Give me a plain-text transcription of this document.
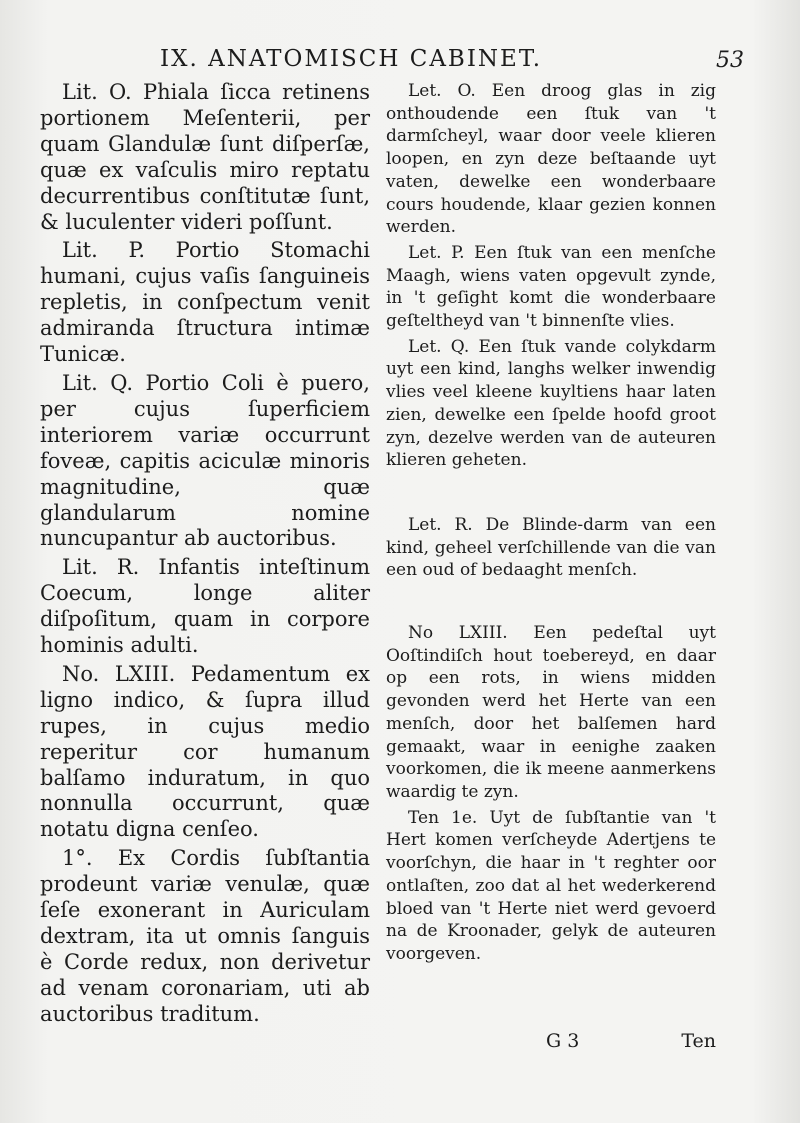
IX. ANATOMISCH CABINET.	53

Lit. O. Phiala ſicca retinens portionem Meſenterii, per quam Glandulæ ſunt diſperſæ, quæ ex vaſculis miro reptatu decurrentibus conſtitutæ ſunt, & luculenter videri poſſunt.

Lit. P. Portio Stomachi humani, cujus vaſis ſanguineis repletis, in conſpectum venit admiranda ſtructura intimæ Tunicæ.

Lit. Q. Portio Coli è puero, per cujus ſuperficiem interiorem variæ occurrunt foveæ, capitis aciculæ minoris magnitudine, quæ glandularum nomine nuncupantur ab auctoribus.

Lit. R. Infantis inteſtinum Coecum, longe aliter diſpoſitum, quam in corpore hominis adulti.

No. LXIII. Pedamentum ex ligno indico, & ſupra illud rupes, in cujus medio reperitur cor humanum balſamo induratum, in quo nonnulla occurrunt, quæ notatu digna cenſeo.

1°. Ex Cordis ſubſtantia prodeunt variæ venulæ, quæ ſeſe exonerant in Auriculam dextram, ita ut omnis ſanguis è Corde redux, non derivetur ad venam coronariam, uti ab auctoribus traditum.

Let. O. Een droog glas in zig onthoudende een ſtuk van 't darmſcheyl, waar door veele klieren loopen, en zyn deze beſtaande uyt vaten, dewelke een wonderbaare cours houdende, klaar gezien konnen werden.

Let. P. Een ſtuk van een menſche Maagh, wiens vaten opgevult zynde, in 't geſight komt die wonderbaare geſteltheyd van 't binnenſte vlies.

Let. Q. Een ſtuk vande colykdarm uyt een kind, langhs welker inwendig vlies veel kleene kuyltiens haar laten zien, dewelke een ſpelde hoofd groot zyn, dezelve werden van de auteuren klieren geheten.

Let. R. De Blinde-darm van een kind, geheel verſchillende van die van een oud of bedaaght menſch.

No LXIII. Een pedeſtal uyt Ooſtindiſch hout toebereyd, en daar op een rots, in wiens midden gevonden werd het Herte van een menſch, door het balſemen hard gemaakt, waar in eenighe zaaken voorkomen, die ik meene aanmerkens waardig te zyn.

Ten 1e. Uyt de ſubſtantie van 't Hert komen verſcheyde Adertjens te voorſchyn, die haar in 't reghter oor ontlaſten, zoo dat al het wederkerend bloed van 't Herte niet werd gevoerd na de Kroonader, gelyk de auteuren voorgeven.

G 3	Ten
